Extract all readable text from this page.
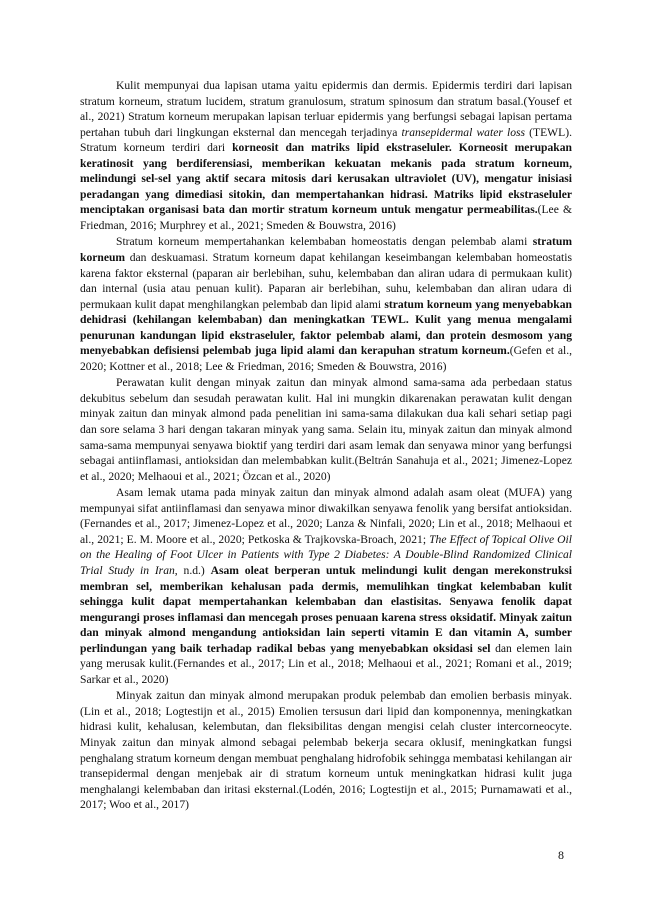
Kulit mempunyai dua lapisan utama yaitu epidermis dan dermis. Epidermis terdiri dari lapisan stratum korneum, stratum lucidem, stratum granulosum, stratum spinosum dan stratum basal.(Yousef et al., 2021) Stratum korneum merupakan lapisan terluar epidermis yang berfungsi sebagai lapisan pertama pertahan tubuh dari lingkungan eksternal dan mencegah terjadinya transepidermal water loss (TEWL). Stratum korneum terdiri dari korneosit dan matriks lipid ekstraseluler. Korneosit merupakan keratinosit yang berdiferensiasi, memberikan kekuatan mekanis pada stratum korneum, melindungi sel-sel yang aktif secara mitosis dari kerusakan ultraviolet (UV), mengatur inisiasi peradangan yang dimediasi sitokin, dan mempertahankan hidrasi. Matriks lipid ekstraseluler menciptakan organisasi bata dan mortir stratum korneum untuk mengatur permeabilitas.(Lee & Friedman, 2016; Murphrey et al., 2021; Smeden & Bouwstra, 2016)

Stratum korneum mempertahankan kelembaban homeostatis dengan pelembab alami stratum korneum dan deskuamasi. Stratum korneum dapat kehilangan keseimbangan kelembaban homeostatis karena faktor eksternal (paparan air berlebihan, suhu, kelembaban dan aliran udara di permukaan kulit) dan internal (usia atau penuan kulit). Paparan air berlebihan, suhu, kelembaban dan aliran udara di permukaan kulit dapat menghilangkan pelembab dan lipid alami stratum korneum yang menyebabkan dehidrasi (kehilangan kelembaban) dan meningkatkan TEWL. Kulit yang menua mengalami penurunan kandungan lipid ekstraseluler, faktor pelembab alami, dan protein desmosom yang menyebabkan defisiensi pelembab juga lipid alami dan kerapuhan stratum korneum.(Gefen et al., 2020; Kottner et al., 2018; Lee & Friedman, 2016; Smeden & Bouwstra, 2016)

Perawatan kulit dengan minyak zaitun dan minyak almond sama-sama ada perbedaan status dekubitus sebelum dan sesudah perawatan kulit. Hal ini mungkin dikarenakan perawatan kulit dengan minyak zaitun dan minyak almond pada penelitian ini sama-sama dilakukan dua kali sehari setiap pagi dan sore selama 3 hari dengan takaran minyak yang sama. Selain itu, minyak zaitun dan minyak almond sama-sama mempunyai senyawa bioktif yang terdiri dari asam lemak dan senyawa minor yang berfungsi sebagai antiinflamasi, antioksidan dan melembabkan kulit.(Beltrán Sanahuja et al., 2021; Jimenez-Lopez et al., 2020; Melhaoui et al., 2021; Özcan et al., 2020)

Asam lemak utama pada minyak zaitun dan minyak almond adalah asam oleat (MUFA) yang mempunyai sifat antiinflamasi dan senyawa minor diwakilkan senyawa fenolik yang bersifat antioksidan.(Fernandes et al., 2017; Jimenez-Lopez et al., 2020; Lanza & Ninfali, 2020; Lin et al., 2018; Melhaoui et al., 2021; E. M. Moore et al., 2020; Petkoska & Trajkovska-Broach, 2021; The Effect of Topical Olive Oil on the Healing of Foot Ulcer in Patients with Type 2 Diabetes: A Double-Blind Randomized Clinical Trial Study in Iran, n.d.) Asam oleat berperan untuk melindungi kulit dengan merekonstruksi membran sel, memberikan kehalusan pada dermis, memulihkan tingkat kelembaban kulit sehingga kulit dapat mempertahankan kelembaban dan elastisitas. Senyawa fenolik dapat mengurangi proses inflamasi dan mencegah proses penuaan karena stress oksidatif. Minyak zaitun dan minyak almond mengandung antioksidan lain seperti vitamin E dan vitamin A, sumber perlindungan yang baik terhadap radikal bebas yang menyebabkan oksidasi sel dan elemen lain yang merusak kulit.(Fernandes et al., 2017; Lin et al., 2018; Melhaoui et al., 2021; Romani et al., 2019; Sarkar et al., 2020)

Minyak zaitun dan minyak almond merupakan produk pelembab dan emolien berbasis minyak.(Lin et al., 2018; Logtestijn et al., 2015) Emolien tersusun dari lipid dan komponennya, meningkatkan hidrasi kulit, kehalusan, kelembutan, dan fleksibilitas dengan mengisi celah cluster intercorneocyte. Minyak zaitun dan minyak almond sebagai pelembab bekerja secara oklusif, meningkatkan fungsi penghalang stratum korneum dengan membuat penghalang hidrofobik sehingga membatasi kehilangan air transepidermal dengan menjebak air di stratum korneum untuk meningkatkan hidrasi kulit juga menghalangi kelembaban dan iritasi eksternal.(Lodén, 2016; Logtestijn et al., 2015; Purnamawati et al., 2017; Woo et al., 2017)

8
